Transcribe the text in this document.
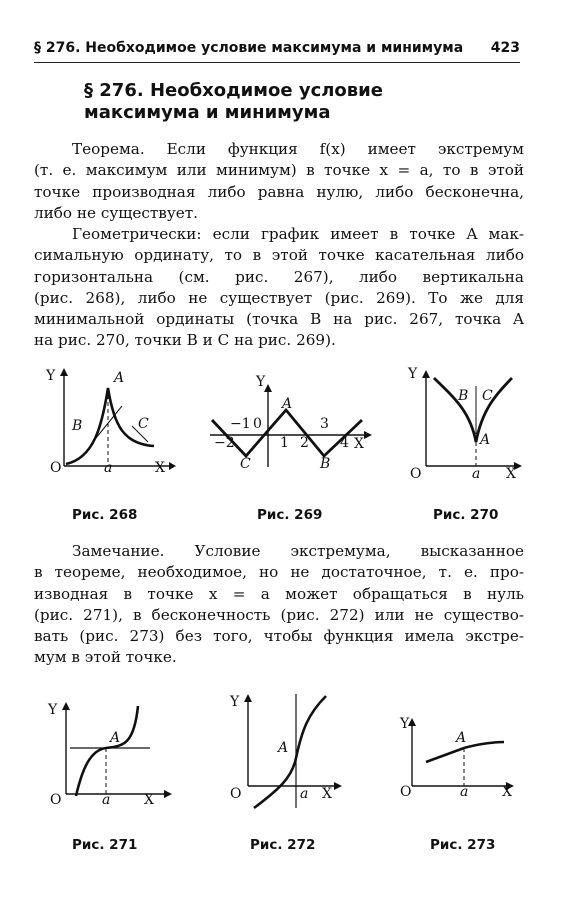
§ 276. Необходимое условие максимума и минимума 423
§ 276. Необходимое условие
максимума и минимума
Теорема. Если функция f(x) имеет экстремум
(т. е. максимум или минимум) в точке x = a, то в этой
точке производная либо равна нулю, либо бесконечна,
либо не существует.
Геометрически: если график имеет в точке A мак-
симальную ординату, то в этой точке касательная либо
горизонтальна (см. рис. 267), либо вертикальна
(рис. 268), либо не существует (рис. 269). То же для
минимальной ординаты (точка B на рис. 267, точка A
на рис. 270, точки B и C на рис. 269).
Y
X
O	a
A
B	C
Y
X
A
B
C
−1
−2
0
1 2
3
4
Y
X
O	a
A
B C
Рис. 268	Рис. 269	Рис. 270
Замечание. Условие экстремума, высказанное
в теореме, необходимое, но не достаточное, т. е. про-
изводная в точке x = a может обращаться в нуль
(рис. 271), в бесконечность (рис. 272) или не существо-
вать (рис. 273) без того, чтобы функция имела экстре-
мум в этой точке.
Y
X
O	a
A
Y
X
O	a
A
Y
X
O	a
A
Рис. 271	Рис. 272	Рис. 273
